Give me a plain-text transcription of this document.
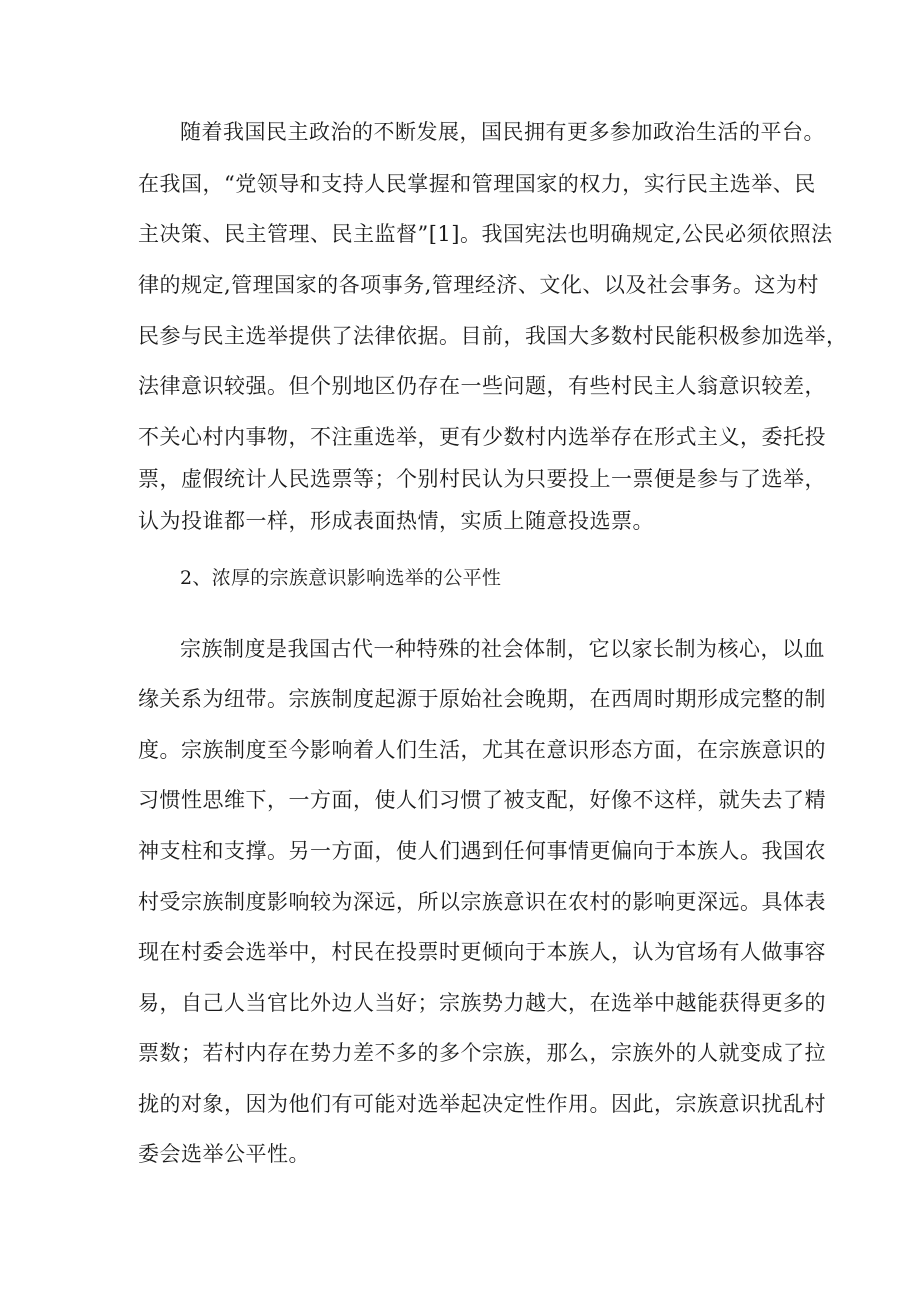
随着我国民主政治的不断发展，国民拥有更多参加政治生活的平台。
在我国，“党领导和支持人民掌握和管理国家的权力，实行民主选举、民
主决策、民主管理、民主监督”[1]。我国宪法也明确规定,公民必须依照法
律的规定,管理国家的各项事务,管理经济、文化、以及社会事务。这为村
民参与民主选举提供了法律依据。目前，我国大多数村民能积极参加选举，
法律意识较强。但个别地区仍存在一些问题，有些村民主人翁意识较差，
不关心村内事物，不注重选举，更有少数村内选举存在形式主义，委托投
票，虚假统计人民选票等；个别村民认为只要投上一票便是参与了选举，
认为投谁都一样，形成表面热情，实质上随意投选票。
2、浓厚的宗族意识影响选举的公平性
宗族制度是我国古代一种特殊的社会体制，它以家长制为核心，以血
缘关系为纽带。宗族制度起源于原始社会晚期，在西周时期形成完整的制
度。宗族制度至今影响着人们生活，尤其在意识形态方面，在宗族意识的
习惯性思维下，一方面，使人们习惯了被支配，好像不这样，就失去了精
神支柱和支撑。另一方面，使人们遇到任何事情更偏向于本族人。我国农
村受宗族制度影响较为深远，所以宗族意识在农村的影响更深远。具体表
现在村委会选举中，村民在投票时更倾向于本族人，认为官场有人做事容
易，自己人当官比外边人当好；宗族势力越大，在选举中越能获得更多的
票数；若村内存在势力差不多的多个宗族，那么，宗族外的人就变成了拉
拢的对象，因为他们有可能对选举起决定性作用。因此，宗族意识扰乱村
委会选举公平性。
